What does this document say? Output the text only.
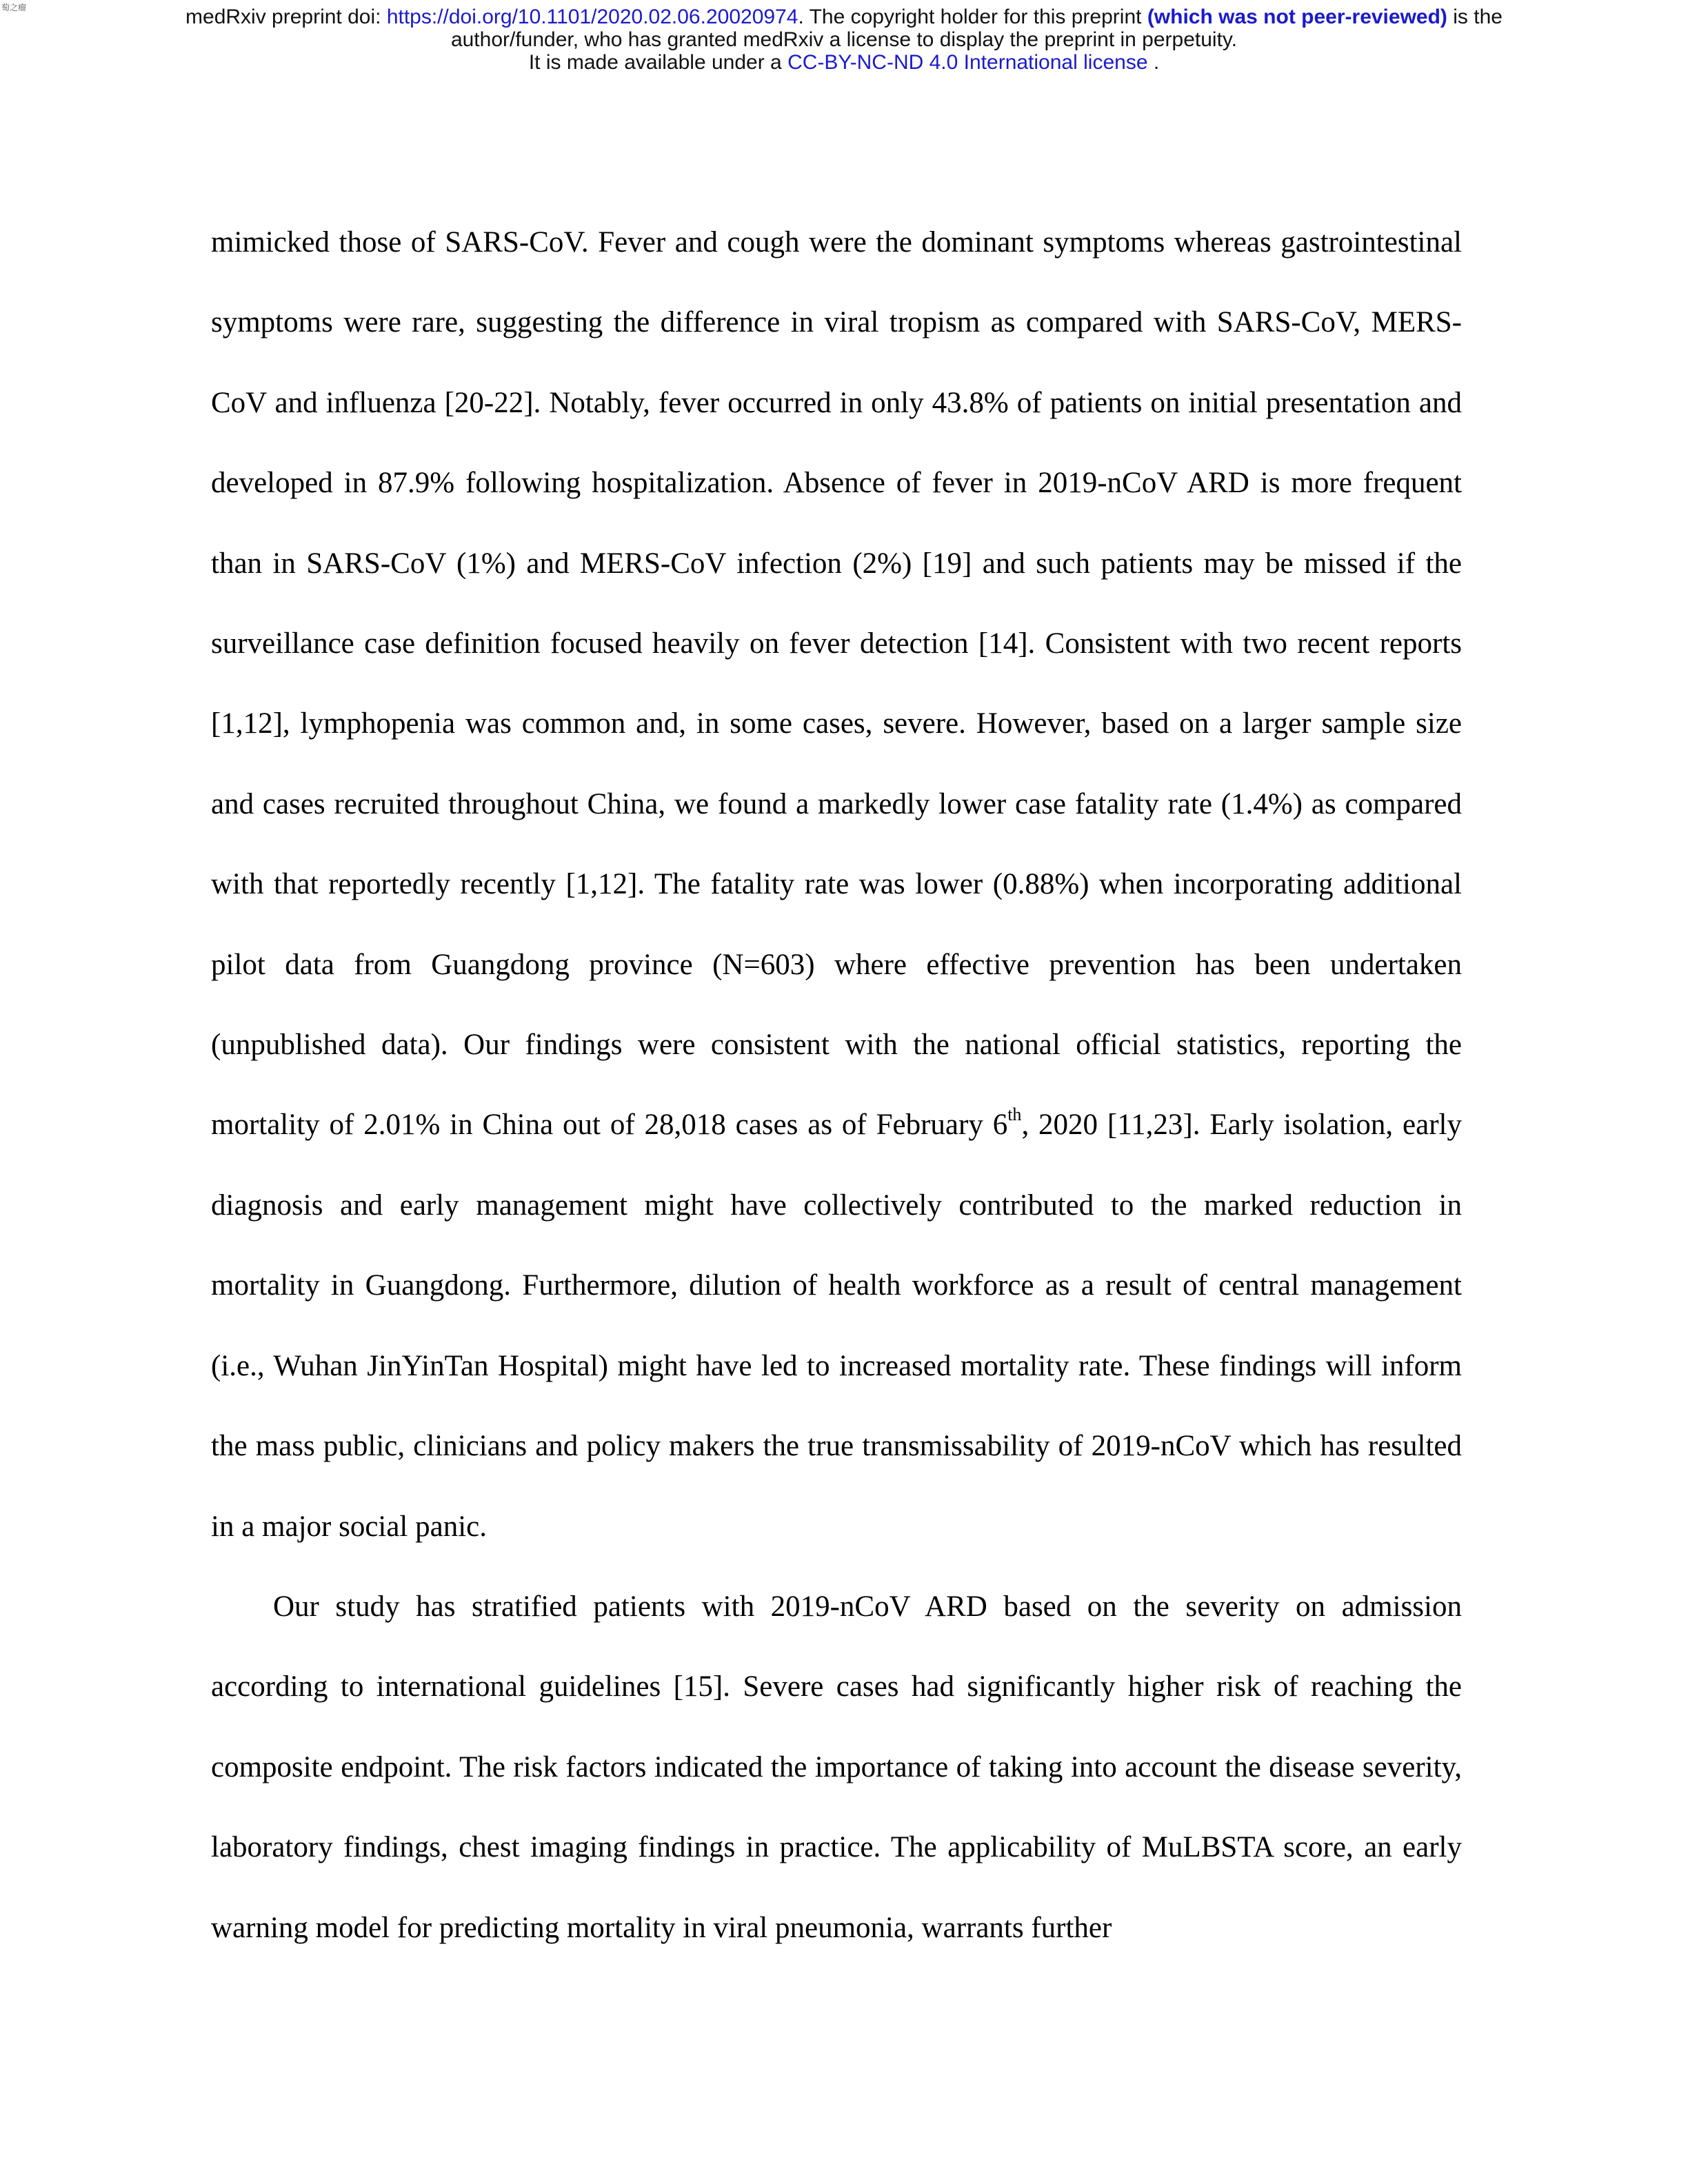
萄之瘤	medRxiv preprint doi: https://doi.org/10.1101/2020.02.06.20020974. The copyright holder for this preprint (which was not peer-reviewed) is the
author/funder, who has granted medRxiv a license to display the preprint in perpetuity.
It is made available under a CC-BY-NC-ND 4.0 International license .

mimicked those of SARS-CoV. Fever and cough were the dominant symptoms whereas gastrointestinal symptoms were rare, suggesting the difference in viral tropism as compared with SARS-CoV, MERS-CoV and influenza [20-22]. Notably, fever occurred in only 43.8% of patients on initial presentation and developed in 87.9% following hospitalization. Absence of fever in 2019-nCoV ARD is more frequent than in SARS-CoV (1%) and MERS-CoV infection (2%) [19] and such patients may be missed if the surveillance case definition focused heavily on fever detection [14]. Consistent with two recent reports [1,12], lymphopenia was common and, in some cases, severe. However, based on a larger sample size and cases recruited throughout China, we found a markedly lower case fatality rate (1.4%) as compared with that reportedly recently [1,12]. The fatality rate was lower (0.88%) when incorporating additional pilot data from Guangdong province (N=603) where effective prevention has been undertaken (unpublished data). Our findings were consistent with the national official statistics, reporting the mortality of 2.01% in China out of 28,018 cases as of February 6th, 2020 [11,23]. Early isolation, early diagnosis and early management might have collectively contributed to the marked reduction in mortality in Guangdong. Furthermore, dilution of health workforce as a result of central management (i.e., Wuhan JinYinTan Hospital) might have led to increased mortality rate. These findings will inform the mass public, clinicians and policy makers the true transmissability of 2019-nCoV which has resulted in a major social panic.

Our study has stratified patients with 2019-nCoV ARD based on the severity on admission according to international guidelines [15]. Severe cases had significantly higher risk of reaching the composite endpoint. The risk factors indicated the importance of taking into account the disease severity, laboratory findings, chest imaging findings in practice. The applicability of MuLBSTA score, an early warning model for predicting mortality in viral pneumonia, warrants further
